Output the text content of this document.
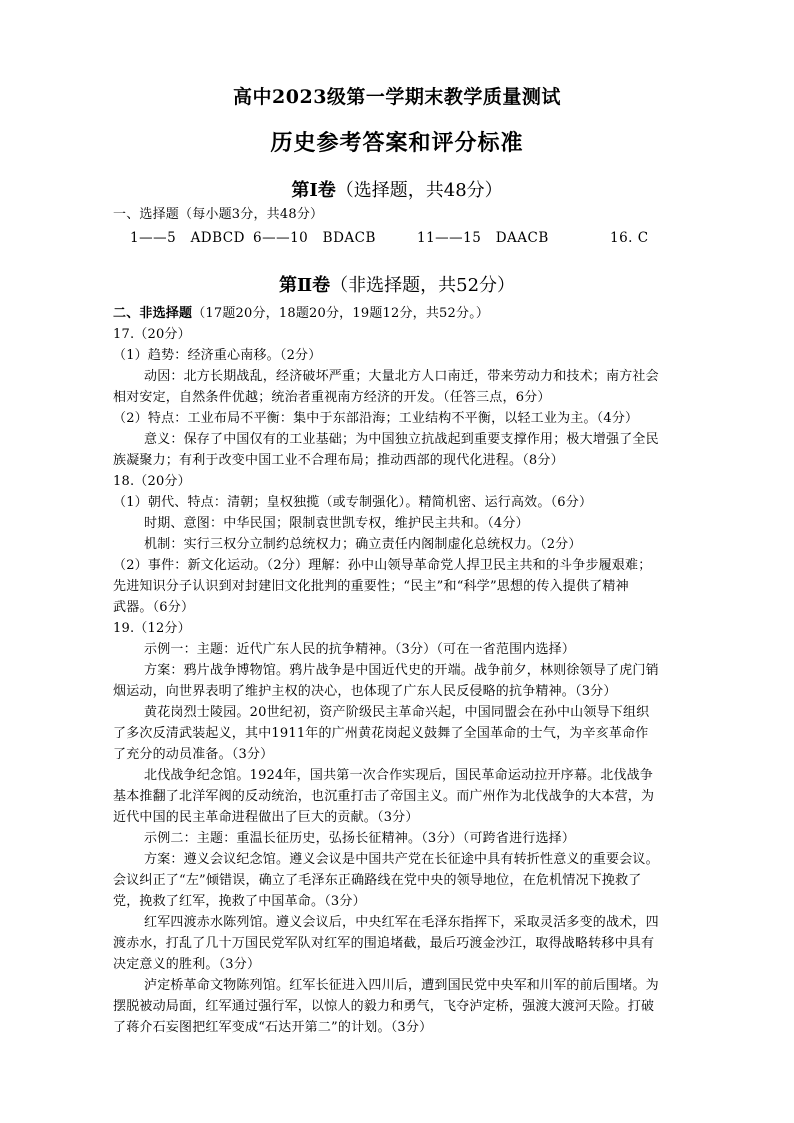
高中2023级第一学期末教学质量测试
历史参考答案和评分标准
第Ⅰ卷（选择题，共48分）
一、选择题（每小题3分，共48分）
1——5 ADBCD 6——10 BDACB	11——15 DAACB	16. C
第Ⅱ卷（非选择题，共52分）
二、非选择题（17题20分，18题20分，19题12分，共52分。）
17.（20分）
（1）趋势：经济重心南移。（2分）
动因：北方长期战乱，经济破坏严重；大量北方人口南迁，带来劳动力和技术；南方社会
相对安定，自然条件优越；统治者重视南方经济的开发。（任答三点，6分）
（2）特点：工业布局不平衡：集中于东部沿海；工业结构不平衡，以轻工业为主。（4分）
意义：保存了中国仅有的工业基础；为中国独立抗战起到重要支撑作用；极大增强了全民
族凝聚力；有利于改变中国工业不合理布局；推动西部的现代化进程。（8分）
18.（20分）
（1）朝代、特点：清朝；皇权独揽（或专制强化）。精简机密、运行高效。（6分）
时期、意图：中华民国；限制袁世凯专权，维护民主共和。（4分）
机制：实行三权分立制约总统权力；确立责任内阁制虚化总统权力。（2分）
（2）事件：新文化运动。（2分）理解：孙中山领导革命党人捍卫民主共和的斗争步履艰难；
先进知识分子认识到对封建旧文化批判的重要性；“民主”和“科学”思想的传入提供了精神
武器。（6分）
19.（12分）
示例一：主题：近代广东人民的抗争精神。（3分）（可在一省范围内选择）
方案：鸦片战争博物馆。鸦片战争是中国近代史的开端。战争前夕，林则徐领导了虎门销
烟运动，向世界表明了维护主权的决心，也体现了广东人民反侵略的抗争精神。（3分）
黄花岗烈士陵园。20世纪初，资产阶级民主革命兴起，中国同盟会在孙中山领导下组织
了多次反清武装起义，其中1911年的广州黄花岗起义鼓舞了全国革命的士气，为辛亥革命作
了充分的动员准备。（3分）
北伐战争纪念馆。1924年，国共第一次合作实现后，国民革命运动拉开序幕。北伐战争
基本推翻了北洋军阀的反动统治，也沉重打击了帝国主义。而广州作为北伐战争的大本营，为
近代中国的民主革命进程做出了巨大的贡献。（3分）
示例二：主题：重温长征历史，弘扬长征精神。（3分）（可跨省进行选择）
方案：遵义会议纪念馆。遵义会议是中国共产党在长征途中具有转折性意义的重要会议。
会议纠正了“左”倾错误，确立了毛泽东正确路线在党中央的领导地位，在危机情况下挽救了
党，挽救了红军，挽救了中国革命。（3分）
红军四渡赤水陈列馆。遵义会议后，中央红军在毛泽东指挥下，采取灵活多变的战术，四
渡赤水，打乱了几十万国民党军队对红军的围追堵截，最后巧渡金沙江，取得战略转移中具有
决定意义的胜利。（3分）
泸定桥革命文物陈列馆。红军长征进入四川后，遭到国民党中央军和川军的前后围堵。为
摆脱被动局面，红军通过强行军，以惊人的毅力和勇气，飞夺泸定桥，强渡大渡河天险。打破
了蒋介石妄图把红军变成“石达开第二”的计划。（3分）
